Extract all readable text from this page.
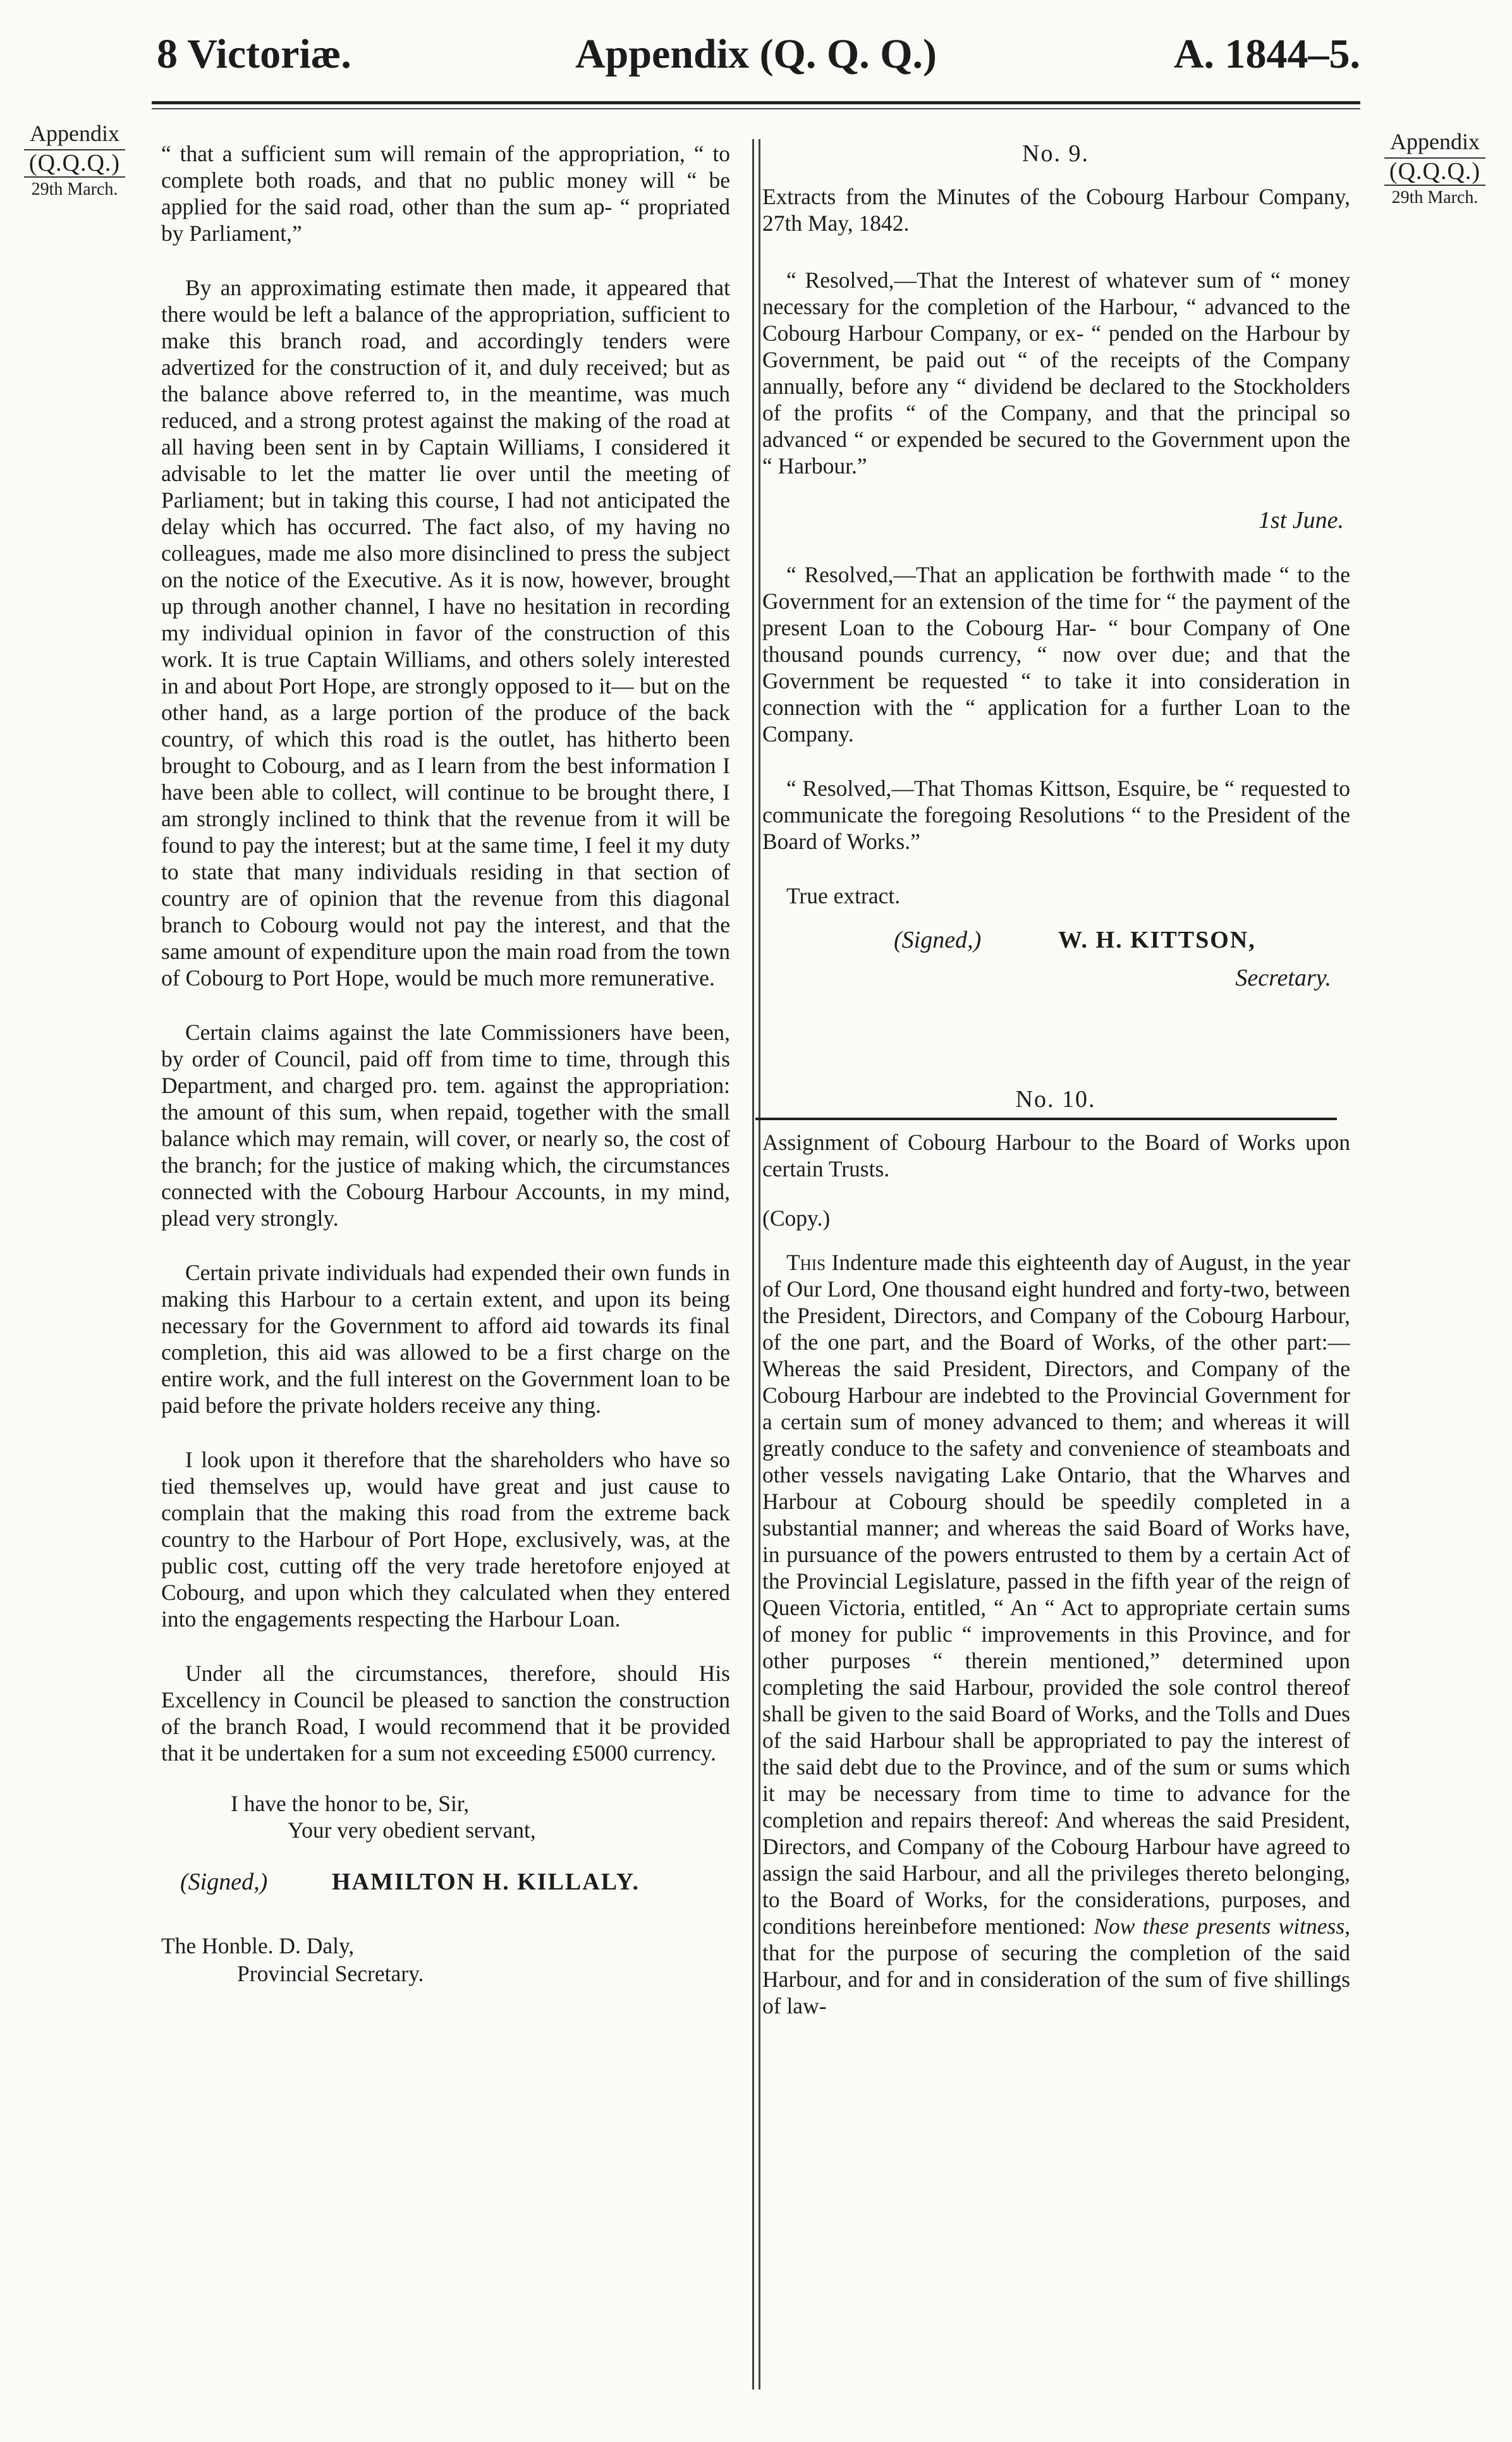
8 Victoriæ.	Appendix (Q. Q. Q.)	A. 1844–5.
Appendix
(Q.Q.Q.)
29th March.
Appendix
(Q.Q.Q.)
29th March.

“ that a sufficient sum will remain of the appropriation, “ to complete both roads, and that no public money will “ be applied for the said road, other than the sum ap- “ propriated by Parliament,”

By an approximating estimate then made, it appeared that there would be left a balance of the appropriation, sufficient to make this branch road, and accordingly tenders were advertized for the construction of it, and duly received; but as the balance above referred to, in the meantime, was much reduced, and a strong protest against the making of the road at all having been sent in by Captain Williams, I considered it advisable to let the matter lie over until the meeting of Parliament; but in taking this course, I had not anticipated the delay which has occurred. The fact also, of my having no colleagues, made me also more disinclined to press the subject on the notice of the Executive. As it is now, however, brought up through another channel, I have no hesitation in recording my individual opinion in favor of the construction of this work. It is true Captain Williams, and others solely interested in and about Port Hope, are strongly opposed to it— but on the other hand, as a large portion of the produce of the back country, of which this road is the outlet, has hitherto been brought to Cobourg, and as I learn from the best information I have been able to collect, will continue to be brought there, I am strongly inclined to think that the revenue from it will be found to pay the interest; but at the same time, I feel it my duty to state that many individuals residing in that section of country are of opinion that the revenue from this diagonal branch to Cobourg would not pay the interest, and that the same amount of expenditure upon the main road from the town of Cobourg to Port Hope, would be much more remunerative.

Certain claims against the late Commissioners have been, by order of Council, paid off from time to time, through this Department, and charged pro. tem. against the appropriation: the amount of this sum, when repaid, together with the small balance which may remain, will cover, or nearly so, the cost of the branch; for the justice of making which, the circumstances connected with the Cobourg Harbour Accounts, in my mind, plead very strongly.

Certain private individuals had expended their own funds in making this Harbour to a certain extent, and upon its being necessary for the Government to afford aid towards its final completion, this aid was allowed to be a first charge on the entire work, and the full interest on the Government loan to be paid before the private holders receive any thing.

I look upon it therefore that the shareholders who have so tied themselves up, would have great and just cause to complain that the making this road from the extreme back country to the Harbour of Port Hope, exclusively, was, at the public cost, cutting off the very trade heretofore enjoyed at Cobourg, and upon which they calculated when they entered into the engagements respecting the Harbour Loan.

Under all the circumstances, therefore, should His Excellency in Council be pleased to sanction the construction of the branch Road, I would recommend that it be provided that it be undertaken for a sum not exceeding £5000 currency.

I have the honor to be, Sir,
Your very obedient servant,
(Signed,)	HAMILTON H. KILLALY.
The Honble. D. Daly,
Provincial Secretary.
No. 9.

Extracts from the Minutes of the Cobourg Harbour Company, 27th May, 1842.

“ Resolved,—That the Interest of whatever sum of “ money necessary for the completion of the Harbour, “ advanced to the Cobourg Harbour Company, or ex- “ pended on the Harbour by Government, be paid out “ of the receipts of the Company annually, before any “ dividend be declared to the Stockholders of the profits “ of the Company, and that the principal so advanced “ or expended be secured to the Government upon the “ Harbour.”

1st June.

“ Resolved,—That an application be forthwith made “ to the Government for an extension of the time for “ the payment of the present Loan to the Cobourg Har- “ bour Company of One thousand pounds currency, “ now over due; and that the Government be requested “ to take it into consideration in connection with the “ application for a further Loan to the Company.

“ Resolved,—That Thomas Kittson, Esquire, be “ requested to communicate the foregoing Resolutions “ to the President of the Board of Works.”

True extract.

(Signed,)	W. H. KITTSON,
Secretary.
No. 10.

Assignment of Cobourg Harbour to the Board of Works upon certain Trusts.

(Copy.)

This Indenture made this eighteenth day of August, in the year of Our Lord, One thousand eight hundred and forty-two, between the President, Directors, and Company of the Cobourg Harbour, of the one part, and the Board of Works, of the other part:—Whereas the said President, Directors, and Company of the Cobourg Harbour are indebted to the Provincial Government for a certain sum of money advanced to them; and whereas it will greatly conduce to the safety and convenience of steamboats and other vessels navigating Lake Ontario, that the Wharves and Harbour at Cobourg should be speedily completed in a substantial manner; and whereas the said Board of Works have, in pursuance of the powers entrusted to them by a certain Act of the Provincial Legislature, passed in the fifth year of the reign of Queen Victoria, entitled, “ An “ Act to appropriate certain sums of money for public “ improvements in this Province, and for other purposes “ therein mentioned,” determined upon completing the said Harbour, provided the sole control thereof shall be given to the said Board of Works, and the Tolls and Dues of the said Harbour shall be appropriated to pay the interest of the said debt due to the Province, and of the sum or sums which it may be necessary from time to time to advance for the completion and repairs thereof: And whereas the said President, Directors, and Company of the Cobourg Harbour have agreed to assign the said Harbour, and all the privileges thereto belonging, to the Board of Works, for the considerations, purposes, and conditions hereinbefore mentioned: Now these presents witness, that for the purpose of securing the completion of the said Harbour, and for and in consideration of the sum of five shillings of law-
